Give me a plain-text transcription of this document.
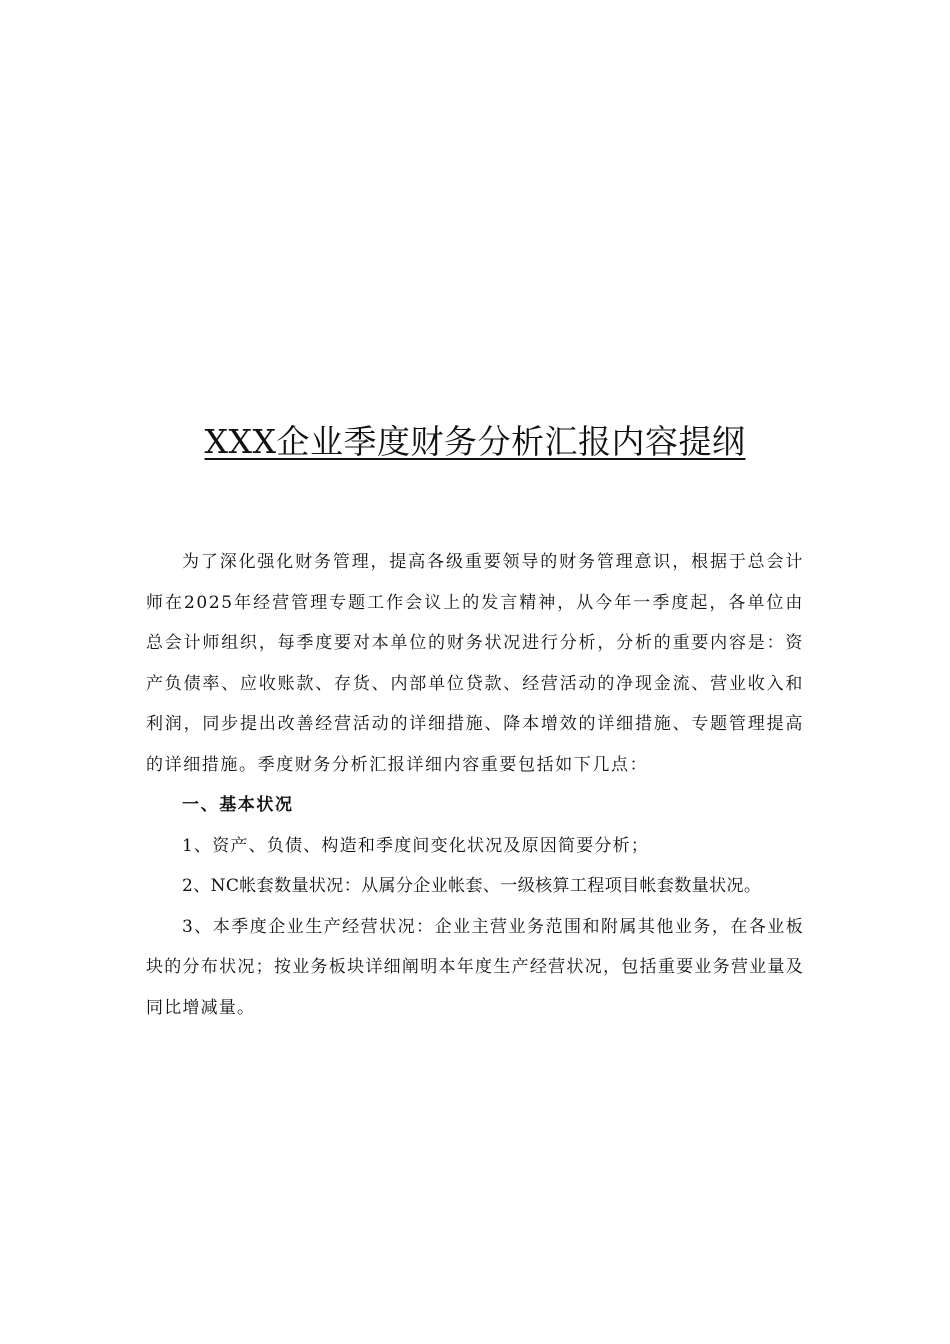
XXX企业季度财务分析汇报内容提纲

为了深化强化财务管理，提高各级重要领导的财务管理意识，根据于总会计师在2025年经营管理专题工作会议上的发言精神，从今年一季度起，各单位由总会计师组织，每季度要对本单位的财务状况进行分析，分析的重要内容是：资产负债率、应收账款、存货、内部单位贷款、经营活动的净现金流、营业收入和利润，同步提出改善经营活动的详细措施、降本增效的详细措施、专题管理提高的详细措施。季度财务分析汇报详细内容重要包括如下几点：

一、基本状况

1、资产、负债、构造和季度间变化状况及原因简要分析；

2、NC帐套数量状况：从属分企业帐套、一级核算工程项目帐套数量状况。

3、本季度企业生产经营状况：企业主营业务范围和附属其他业务，在各业板块的分布状况；按业务板块详细阐明本年度生产经营状况，包括重要业务营业量及同比增减量。
